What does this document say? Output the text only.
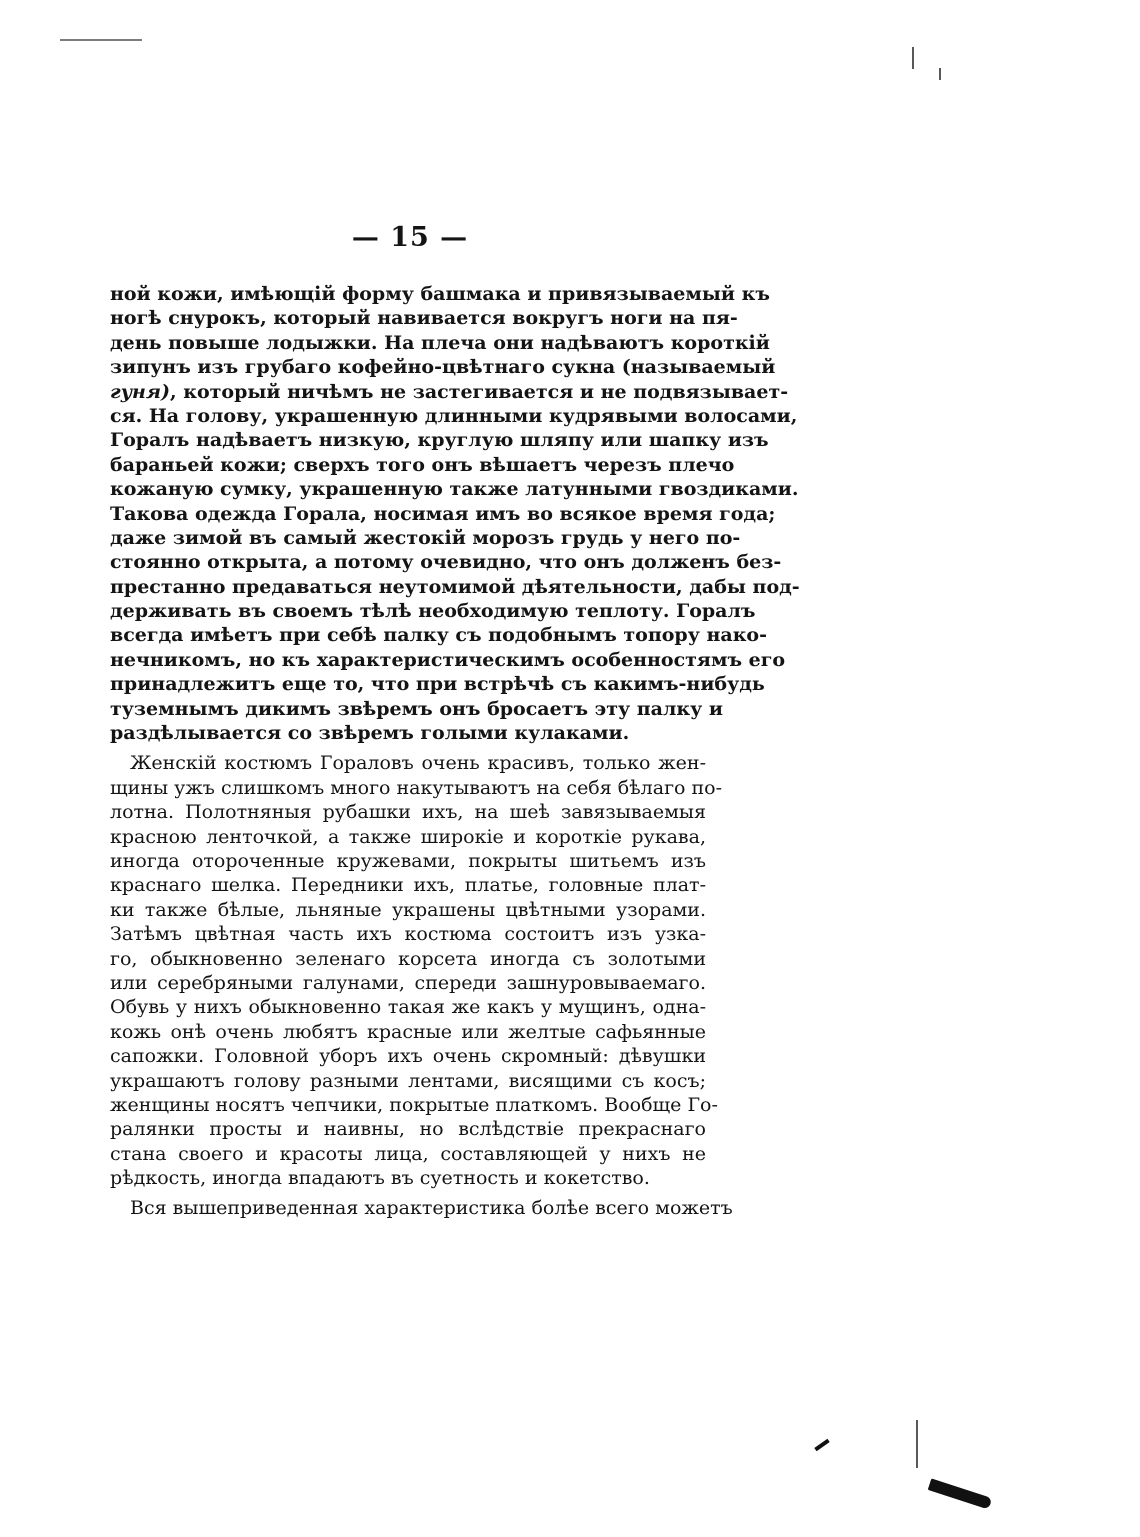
— 15 —
ной кожи, имѣющій форму башмака и привязываемый къ
ногѣ снурокъ, который навивается вокругъ ноги на пя-
день повыше лодыжки. На плеча они надѣваютъ короткій
зипунъ изъ грубаго кофейно-цвѣтнаго сукна (называемый
гуня), который ничѣмъ не застегивается и не подвязывает-
ся. На голову, украшенную длинными кудрявыми волосами,
Горалъ надѣваетъ низкую, круглую шляпу или шапку изъ
бараньей кожи; сверхъ того онъ вѣшаетъ черезъ плечо
кожаную сумку, украшенную также латунными гвоздиками.
Такова одежда Горала, носимая имъ во всякое время года;
даже зимой въ самый жестокій морозъ грудь у него по-
стоянно открыта, а потому очевидно, что онъ долженъ без-
престанно предаваться неутомимой дѣятельности, дабы под-
держивать въ своемъ тѣлѣ необходимую теплоту. Горалъ
всегда имѣетъ при себѣ палку съ подобнымъ топору нако-
нечникомъ, но къ характеристическимъ особенностямъ его
принадлежитъ еще то, что при встрѣчѣ съ какимъ-нибудь
туземнымъ дикимъ звѣремъ онъ бросаетъ эту палку и
раздѣлывается со звѣремъ голыми кулаками.
Женскій костюмъ Гораловъ очень красивъ, только жен-
щины ужъ слишкомъ много накутываютъ на себя бѣлаго по-
лотна. Полотняныя рубашки ихъ, на шеѣ завязываемыя
красною ленточкой, а также широкіе и короткіе рукава,
иногда отороченные кружевами, покрыты шитьемъ изъ
краснаго шелка. Передники ихъ, платье, головные плат-
ки также бѣлые, льняные украшены цвѣтными узорами.
Затѣмъ цвѣтная часть ихъ костюма состоитъ изъ узка-
го, обыкновенно зеленаго корсета иногда съ золотыми
или серебряными галунами, спереди зашнуровываемаго.
Обувь у нихъ обыкновенно такая же какъ у мущинъ, одна-
кожь онѣ очень любятъ красные или желтые сафьянные
сапожки. Головной уборъ ихъ очень скромный: дѣвушки
украшаютъ голову разными лентами, висящими съ косъ;
женщины носятъ чепчики, покрытые платкомъ. Вообще Го-
ралянки просты и наивны, но вслѣдствіе прекраснаго
стана своего и красоты лица, составляющей у нихъ не
рѣдкость, иногда впадаютъ въ суетность и кокетство.
Вся вышеприведенная характеристика болѣе всего можетъ
